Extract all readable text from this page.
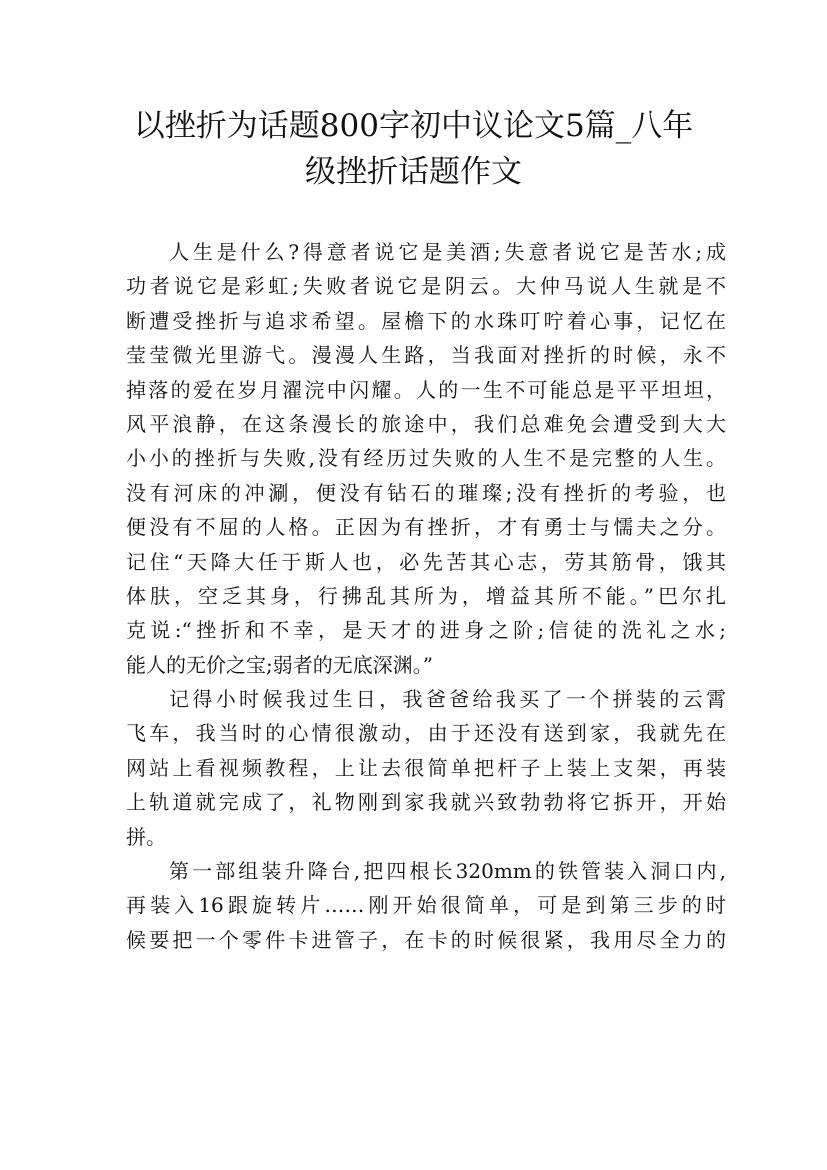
以挫折为话题800字初中议论文5篇_八年
级挫折话题作文
人生是什么?得意者说它是美酒;失意者说它是苦水;成
功者说它是彩虹;失败者说它是阴云。大仲马说人生就是不
断遭受挫折与追求希望。屋檐下的水珠叮咛着心事，记忆在
莹莹微光里游弋。漫漫人生路，当我面对挫折的时候，永不
掉落的爱在岁月濯浣中闪耀。人的一生不可能总是平平坦坦，
风平浪静，在这条漫长的旅途中，我们总难免会遭受到大大
小小的挫折与失败,没有经历过失败的人生不是完整的人生。
没有河床的冲涮，便没有钻石的璀璨;没有挫折的考验，也
便没有不屈的人格。正因为有挫折，才有勇士与懦夫之分。
记住“天降大任于斯人也，必先苦其心志，劳其筋骨，饿其
体肤，空乏其身，行拂乱其所为，增益其所不能。”巴尔扎
克说:“挫折和不幸，是天才的进身之阶;信徒的洗礼之水;
能人的无价之宝;弱者的无底深渊。”
记得小时候我过生日，我爸爸给我买了一个拼装的云霄
飞车，我当时的心情很激动，由于还没有送到家，我就先在
网站上看视频教程，上让去很简单把杆子上装上支架，再装
上轨道就完成了，礼物刚到家我就兴致勃勃将它拆开，开始
拼。
第一部组装升降台,把四根长320mm的铁管装入洞口内,
再装入16跟旋转片……刚开始很简单，可是到第三步的时
候要把一个零件卡进管子，在卡的时候很紧，我用尽全力的
